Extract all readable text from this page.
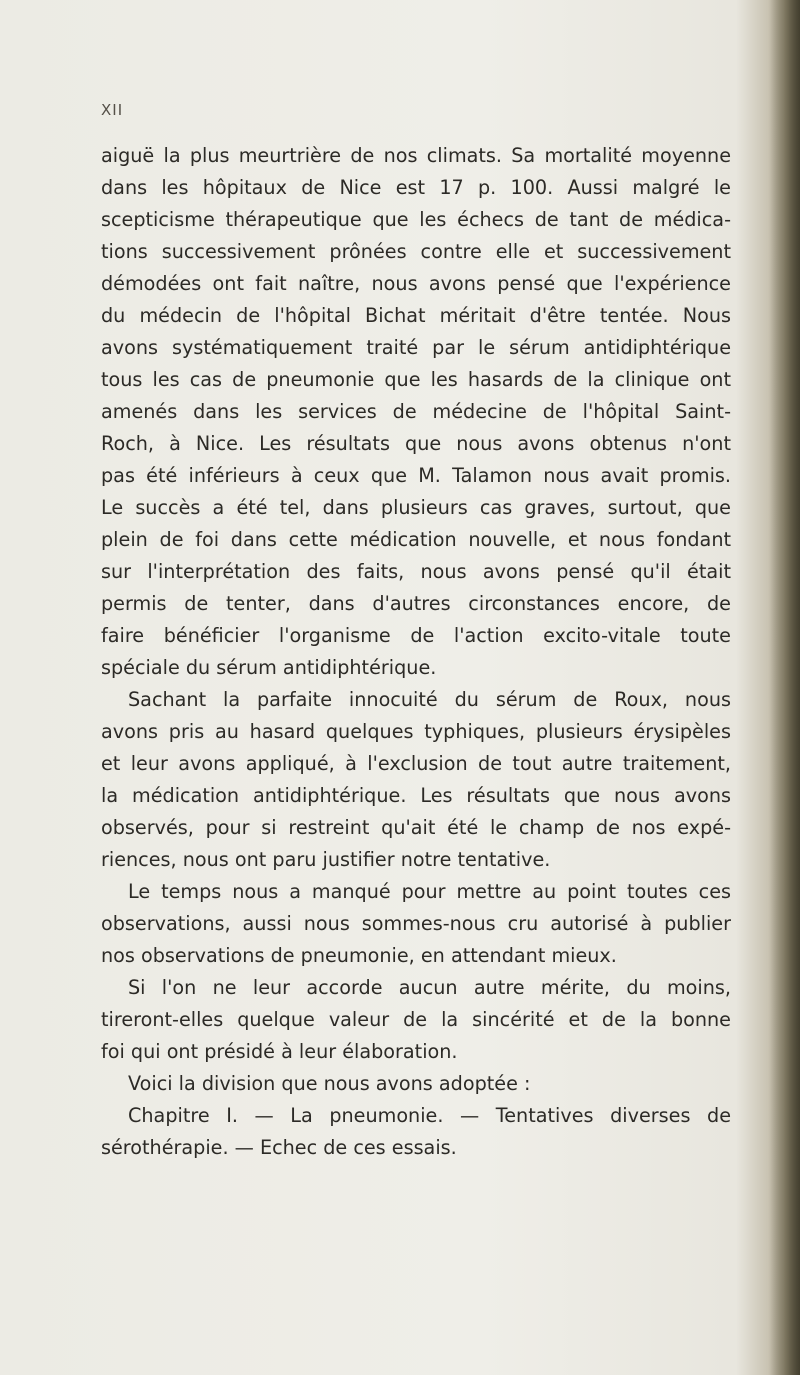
XII
aiguë la plus meurtrière de nos climats. Sa mortalité moyenne
dans les hôpitaux de Nice est 17 p. 100. Aussi malgré le
scepticisme thérapeutique que les échecs de tant de médica-
tions successivement prônées contre elle et successivement
démodées ont fait naître, nous avons pensé que l'expérience
du médecin de l'hôpital Bichat méritait d'être tentée. Nous
avons systématiquement traité par le sérum antidiphtérique
tous les cas de pneumonie que les hasards de la clinique ont
amenés dans les services de médecine de l'hôpital Saint-
Roch, à Nice. Les résultats que nous avons obtenus n'ont
pas été inférieurs à ceux que M. Talamon nous avait promis.
Le succès a été tel, dans plusieurs cas graves, surtout, que
plein de foi dans cette médication nouvelle, et nous fondant
sur l'interprétation des faits, nous avons pensé qu'il était
permis de tenter, dans d'autres circonstances encore, de
faire bénéficier l'organisme de l'action excito-vitale toute
spéciale du sérum antidiphtérique.
Sachant la parfaite innocuité du sérum de Roux, nous
avons pris au hasard quelques typhiques, plusieurs érysipèles
et leur avons appliqué, à l'exclusion de tout autre traitement,
la médication antidiphtérique. Les résultats que nous avons
observés, pour si restreint qu'ait été le champ de nos expé-
riences, nous ont paru justifier notre tentative.
Le temps nous a manqué pour mettre au point toutes ces
observations, aussi nous sommes-nous cru autorisé à publier
nos observations de pneumonie, en attendant mieux.
Si l'on ne leur accorde aucun autre mérite, du moins,
tireront-elles quelque valeur de la sincérité et de la bonne
foi qui ont présidé à leur élaboration.
Voici la division que nous avons adoptée :
Chapitre I. — La pneumonie. — Tentatives diverses de
sérothérapie. — Echec de ces essais.
